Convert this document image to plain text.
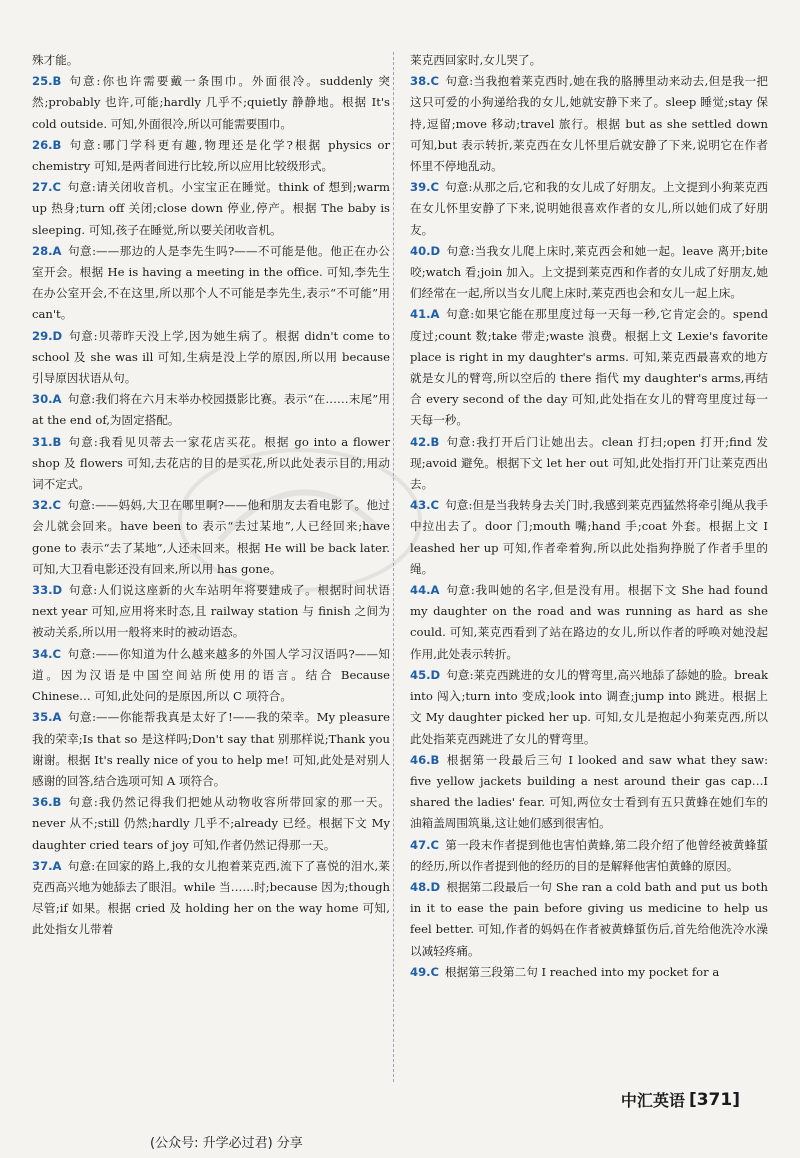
殊才能。

25.B 句意:你也许需要戴一条围巾。外面很冷。suddenly 突然;probably 也许,可能;hardly 几乎不;quietly 静静地。根据 It's cold outside. 可知,外面很冷,所以可能需要围巾。

26.B 句意:哪门学科更有趣,物理还是化学?根据 physics or chemistry 可知,是两者间进行比较,所以应用比较级形式。

27.C 句意:请关闭收音机。小宝宝正在睡觉。think of 想到;warm up 热身;turn off 关闭;close down 停业,停产。根据 The baby is sleeping. 可知,孩子在睡觉,所以要关闭收音机。

28.A 句意:——那边的人是李先生吗?——不可能是他。他正在办公室开会。根据 He is having a meeting in the office. 可知,李先生在办公室开会,不在这里,所以那个人不可能是李先生,表示“不可能”用 can't。

29.D 句意:贝蒂昨天没上学,因为她生病了。根据 didn't come to school 及 she was ill 可知,生病是没上学的原因,所以用 because 引导原因状语从句。

30.A 句意:我们将在六月末举办校园摄影比赛。表示“在……末尾”用 at the end of,为固定搭配。

31.B 句意:我看见贝蒂去一家花店买花。根据 go into a flower shop 及 flowers 可知,去花店的目的是买花,所以此处表示目的,用动词不定式。

32.C 句意:——妈妈,大卫在哪里啊?——他和朋友去看电影了。他过会儿就会回来。have been to 表示“去过某地”,人已经回来;have gone to 表示“去了某地”,人还未回来。根据 He will be back later. 可知,大卫看电影还没有回来,所以用 has gone。

33.D 句意:人们说这座新的火车站明年将要建成了。根据时间状语 next year 可知,应用将来时态,且 railway station 与 finish 之间为被动关系,所以用一般将来时的被动语态。

34.C 句意:——你知道为什么越来越多的外国人学习汉语吗?——知道。因为汉语是中国空间站所使用的语言。结合 Because Chinese… 可知,此处问的是原因,所以 C 项符合。

35.A 句意:——你能帮我真是太好了!——我的荣幸。My pleasure 我的荣幸;Is that so 是这样吗;Don't say that 别那样说;Thank you 谢谢。根据 It's really nice of you to help me! 可知,此处是对别人感谢的回答,结合选项可知 A 项符合。

36.B 句意:我仍然记得我们把她从动物收容所带回家的那一天。never 从不;still 仍然;hardly 几乎不;already 已经。根据下文 My daughter cried tears of joy 可知,作者仍然记得那一天。

37.A 句意:在回家的路上,我的女儿抱着莱克西,流下了喜悦的泪水,莱克西高兴地为她舔去了眼泪。while 当……时;because 因为;though 尽管;if 如果。根据 cried 及 holding her on the way home 可知,此处指女儿带着

莱克西回家时,女儿哭了。

38.C 句意:当我抱着莱克西时,她在我的胳膊里动来动去,但是我一把这只可爱的小狗递给我的女儿,她就安静下来了。sleep 睡觉;stay 保持,逗留;move 移动;travel 旅行。根据 but as she settled down 可知,but 表示转折,莱克西在女儿怀里后就安静了下来,说明它在作者怀里不停地乱动。

39.C 句意:从那之后,它和我的女儿成了好朋友。上文提到小狗莱克西在女儿怀里安静了下来,说明她很喜欢作者的女儿,所以她们成了好朋友。

40.D 句意:当我女儿爬上床时,莱克西会和她一起。leave 离开;bite 咬;watch 看;join 加入。上文提到莱克西和作者的女儿成了好朋友,她们经常在一起,所以当女儿爬上床时,莱克西也会和女儿一起上床。

41.A 句意:如果它能在那里度过每一天每一秒,它肯定会的。spend 度过;count 数;take 带走;waste 浪费。根据上文 Lexie's favorite place is right in my daughter's arms. 可知,莱克西最喜欢的地方就是女儿的臂弯,所以空后的 there 指代 my daughter's arms,再结合 every second of the day 可知,此处指在女儿的臂弯里度过每一天每一秒。

42.B 句意:我打开后门让她出去。clean 打扫;open 打开;find 发现;avoid 避免。根据下文 let her out 可知,此处指打开门让莱克西出去。

43.C 句意:但是当我转身去关门时,我感到莱克西猛然将牵引绳从我手中拉出去了。door 门;mouth 嘴;hand 手;coat 外套。根据上文 I leashed her up 可知,作者牵着狗,所以此处指狗挣脱了作者手里的绳。

44.A 句意:我叫她的名字,但是没有用。根据下文 She had found my daughter on the road and was running as hard as she could. 可知,莱克西看到了站在路边的女儿,所以作者的呼唤对她没起作用,此处表示转折。

45.D 句意:莱克西跳进的女儿的臂弯里,高兴地舔了舔她的脸。break into 闯入;turn into 变成;look into 调查;jump into 跳进。根据上文 My daughter picked her up. 可知,女儿是抱起小狗莱克西,所以此处指莱克西跳进了女儿的臂弯里。

46.B 根据第一段最后三句 I looked and saw what they saw: five yellow jackets building a nest around their gas cap…I shared the ladies' fear. 可知,两位女士看到有五只黄蜂在她们车的油箱盖周围筑巢,这让她们感到很害怕。

47.C 第一段末作者提到他也害怕黄蜂,第二段介绍了他曾经被黄蜂蜇的经历,所以作者提到他的经历的目的是解释他害怕黄蜂的原因。

48.D 根据第二段最后一句 She ran a cold bath and put us both in it to ease the pain before giving us medicine to help us feel better. 可知,作者的妈妈在作者被黄蜂蜇伤后,首先给他洗冷水澡以减轻疼痛。

49.C 根据第三段第二句 I reached into my pocket for a

中汇英语 [371]
(公众号: 升学必过君) 分享
